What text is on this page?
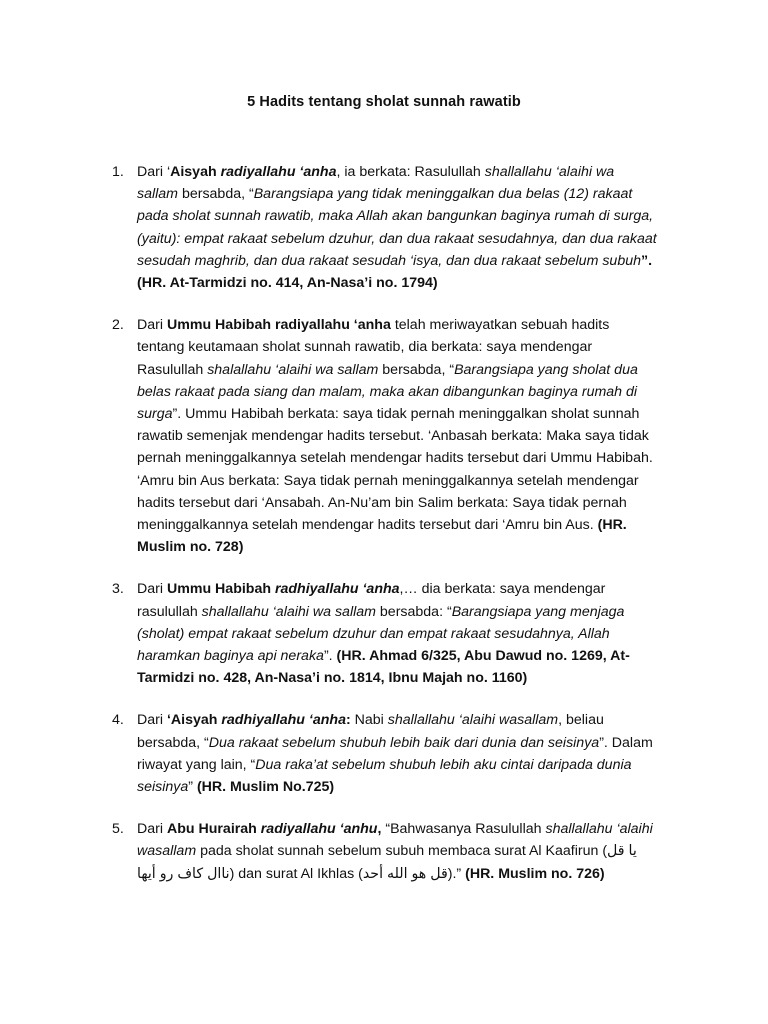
5 Hadits tentang sholat sunnah rawatib
1. Dari ‘Aisyah radiyallahu ‘anha, ia berkata: Rasulullah shallallahu ‘alaihi wa sallam bersabda, “Barangsiapa yang tidak meninggalkan dua belas (12) rakaat pada sholat sunnah rawatib, maka Allah akan bangunkan baginya rumah di surga, (yaitu): empat rakaat sebelum dzuhur, dan dua rakaat sesudahnya, dan dua rakaat sesudah maghrib, dan dua rakaat sesudah ‘isya, dan dua rakaat sebelum subuh”. (HR. At-Tarmidzi no. 414, An-Nasa’i no. 1794)
2. Dari Ummu Habibah radiyallahu ‘anha telah meriwayatkan sebuah hadits tentang keutamaan sholat sunnah rawatib, dia berkata: saya mendengar Rasulullah shalallahu ‘alaihi wa sallam bersabda, “Barangsiapa yang sholat dua belas rakaat pada siang dan malam, maka akan dibangunkan baginya rumah di surga”. Ummu Habibah berkata: saya tidak pernah meninggalkan sholat sunnah rawatib semenjak mendengar hadits tersebut. ‘Anbasah berkata: Maka saya tidak pernah meninggalkannya setelah mendengar hadits tersebut dari Ummu Habibah. ‘Amru bin Aus berkata: Saya tidak pernah meninggalkannya setelah mendengar hadits tersebut dari ‘Ansabah. An-Nu’am bin Salim berkata: Saya tidak pernah meninggalkannya setelah mendengar hadits tersebut dari ‘Amru bin Aus. (HR. Muslim no. 728)
3. Dari Ummu Habibah radhiyallahu ‘anha,… dia berkata: saya mendengar rasulullah shallallahu ‘alaihi wa sallam bersabda: “Barangsiapa yang menjaga (sholat) empat rakaat sebelum dzuhur dan empat rakaat sesudahnya, Allah haramkan baginya api neraka”. (HR. Ahmad 6/325, Abu Dawud no. 1269, At-Tarmidzi no. 428, An-Nasa’i no. 1814, Ibnu Majah no. 1160)
4. Dari ‘Aisyah radhiyallahu ‘anha: Nabi shallallahu ‘alaihi wasallam, beliau bersabda, “Dua rakaat sebelum shubuh lebih baik dari dunia dan seisinya”. Dalam riwayat yang lain, “Dua raka’at sebelum shubuh lebih aku cintai daripada dunia seisinya” (HR. Muslim No.725)
5. Dari Abu Hurairah radiyallahu ‘anhu, “Bahwasanya Rasulullah shallallahu ‘alaihi wasallam pada sholat sunnah sebelum subuh membaca surat Al Kaafirun (يا قل ناال كاف رو أيها) dan surat Al Ikhlas (قل هو الله أحد).” (HR. Muslim no. 726)
